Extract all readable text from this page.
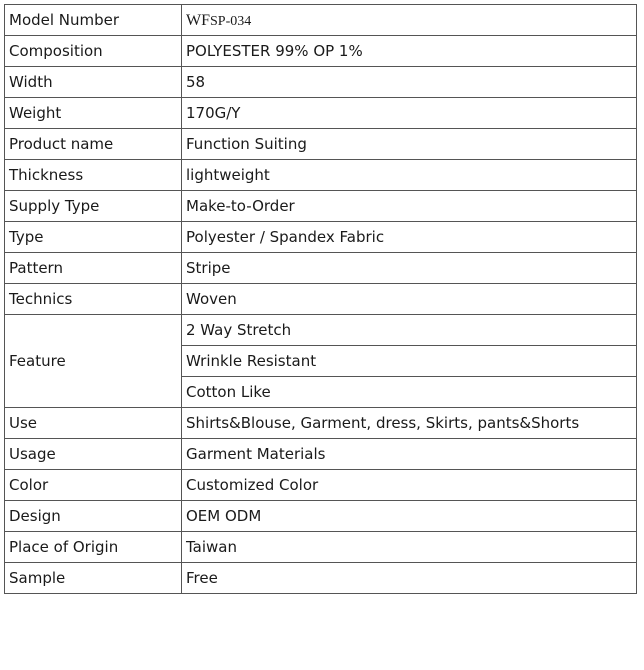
Model Number	WFSP-034
Composition	POLYESTER 99% OP 1%
Width	58
Weight	170G/Y
Product name	Function Suiting
Thickness	lightweight
Supply Type	Make-to-Order
Type	Polyester / Spandex Fabric
Pattern	Stripe
Technics	Woven
Feature	2 Way Stretch
	Wrinkle Resistant
	Cotton Like
Use	Shirts&Blouse, Garment, dress, Skirts, pants&Shorts
Usage	Garment Materials
Color	Customized Color
Design	OEM ODM
Place of Origin	Taiwan
Sample	Free
